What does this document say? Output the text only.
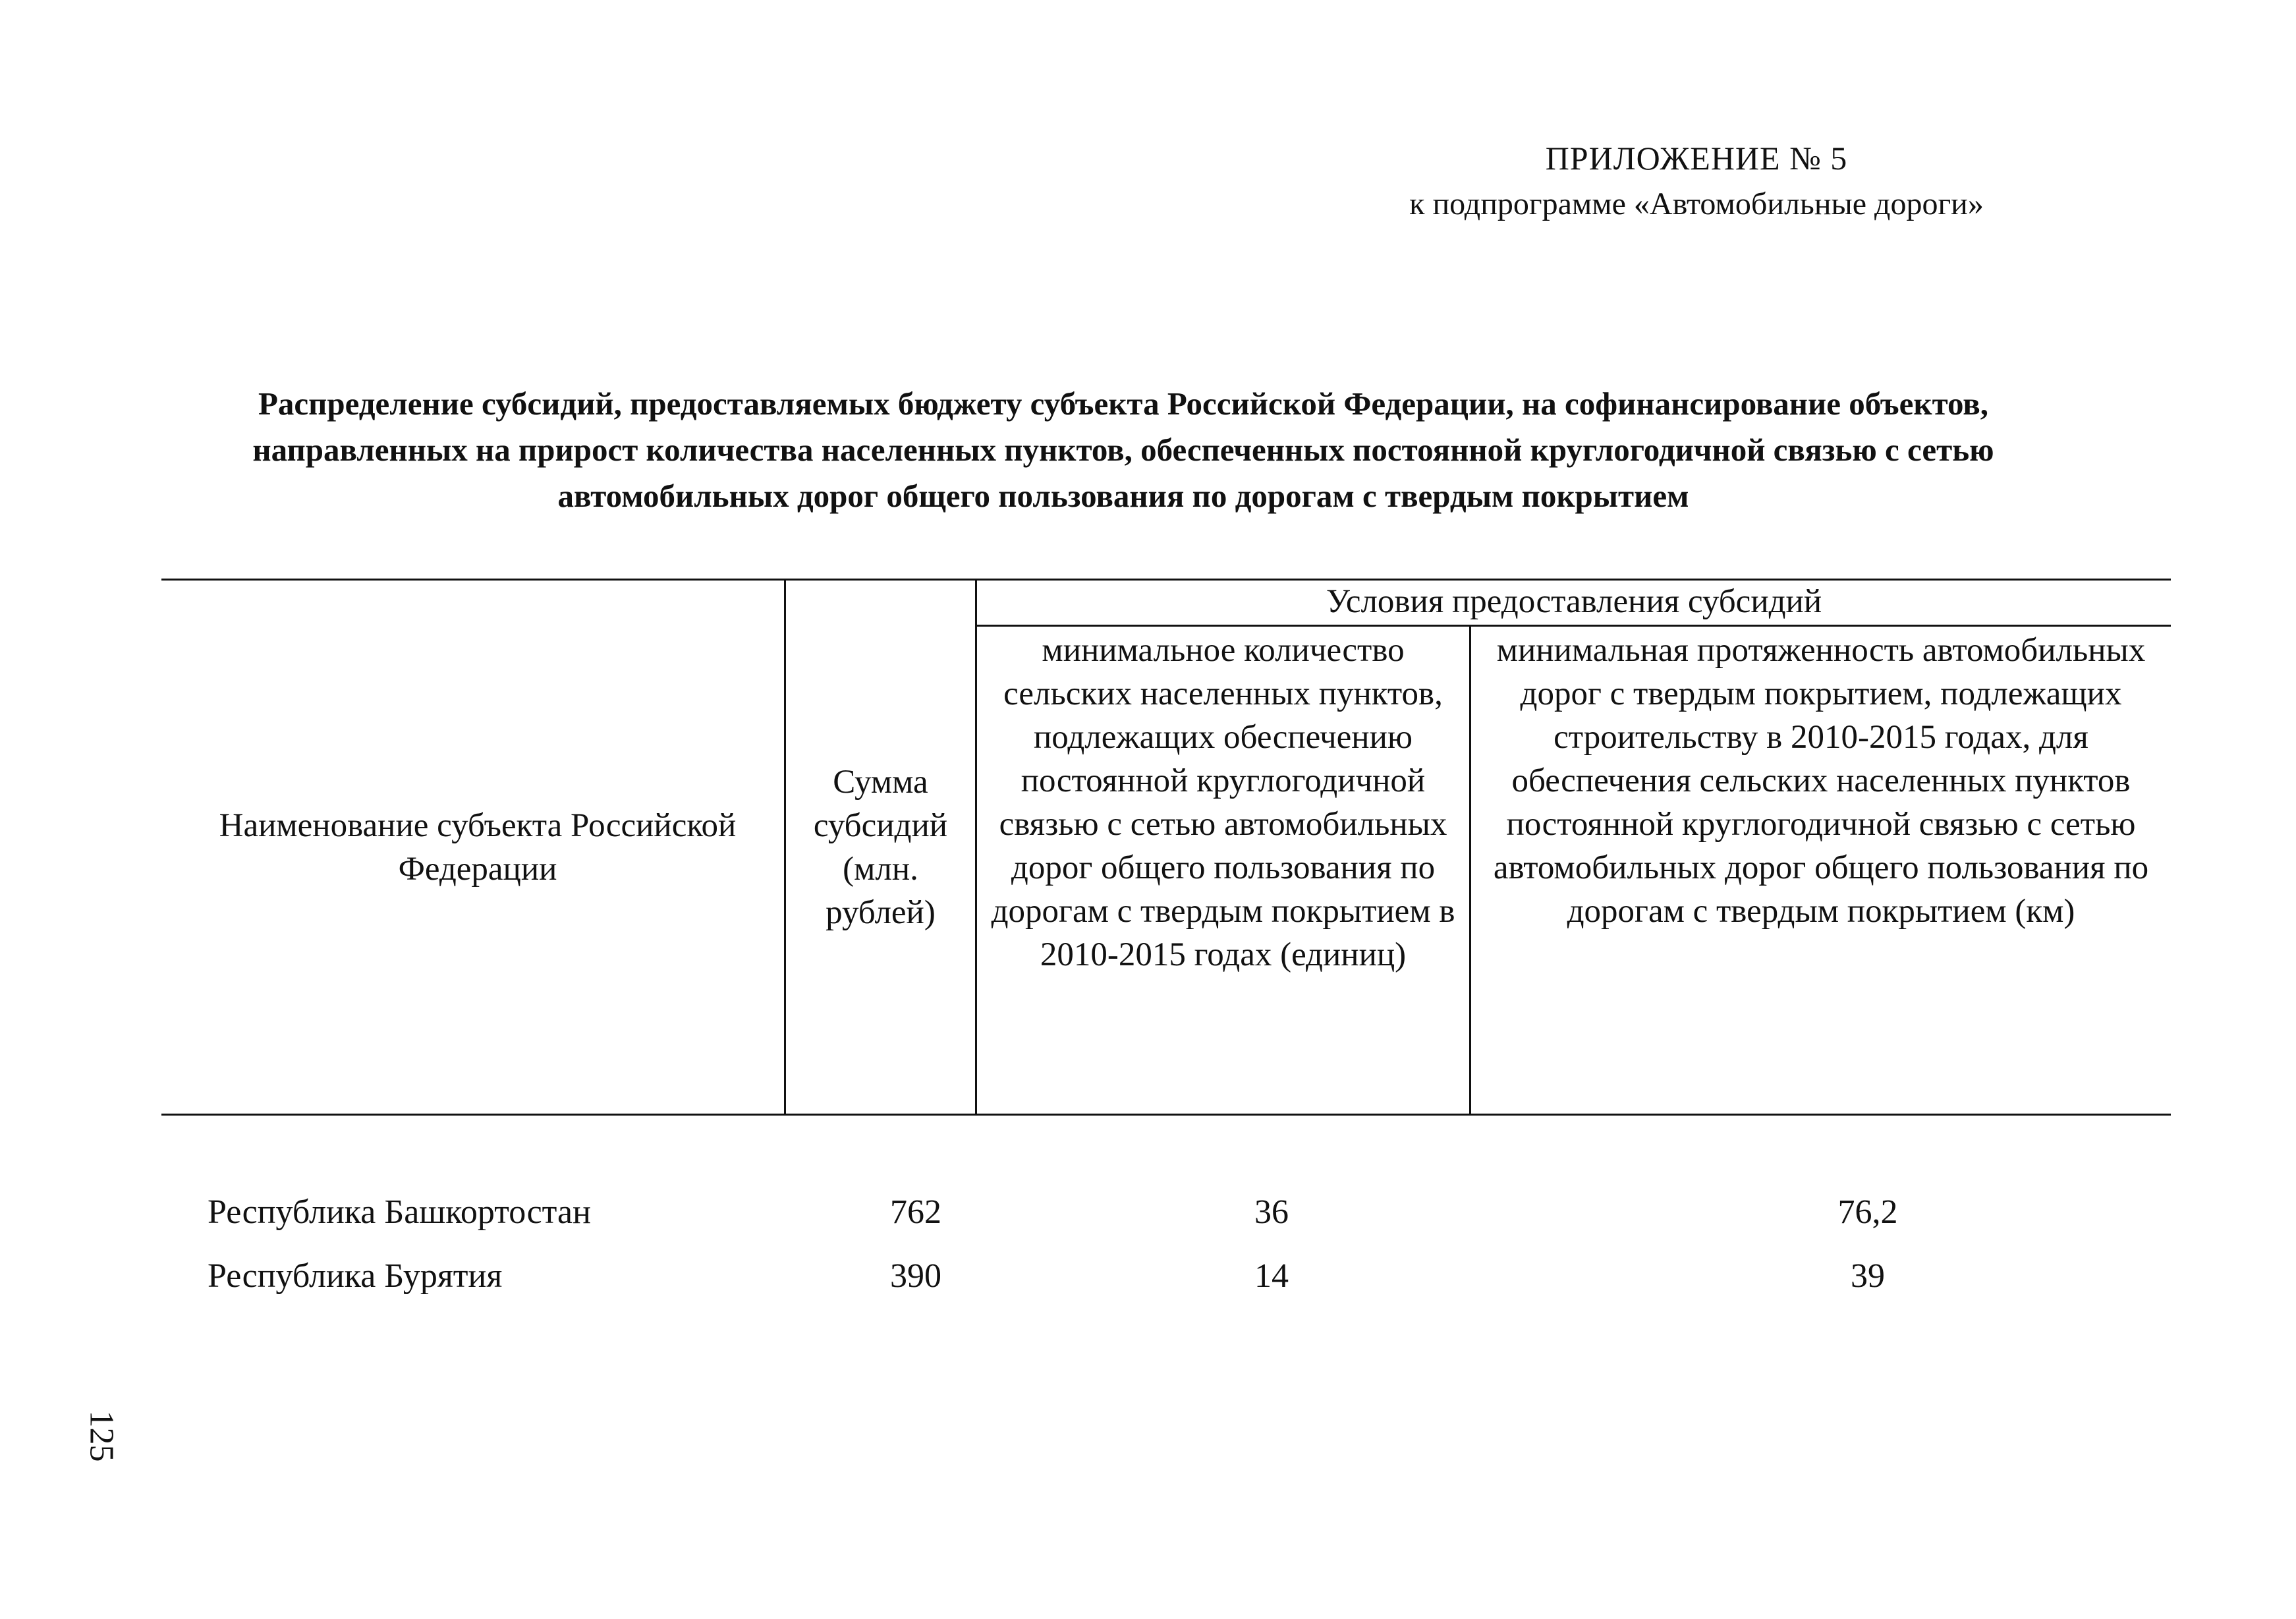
ПРИЛОЖЕНИЕ № 5
к подпрограмме «Автомобильные дороги»
Распределение субсидий, предоставляемых бюджету субъекта Российской Федерации, на софинансирование объектов,
направленных на прирост количества населенных пунктов, обеспеченных постоянной круглогодичной связью с сетью
автомобильных дорог общего пользования по дорогам с твердым покрытием
Наименование субъекта Российской Федерации
Сумма субсидий (млн. рублей)
Условия предоставления субсидий
минимальное количество сельских населенных пунктов, подлежащих обеспечению постоянной круглогодичной связью с сетью автомобильных дорог общего пользования по дорогам с твердым покрытием в 2010-2015 годах (единиц)
минимальная протяженность автомобильных дорог с твердым покрытием, подлежащих строительству в 2010-2015 годах, для обеспечения сельских населенных пунктов постоянной круглогодичной связью с сетью автомобильных дорог общего пользования по дорогам с твердым покрытием (км)
Республика Башкортостан	762	36	76,2
Республика Бурятия	390	14	39
125
